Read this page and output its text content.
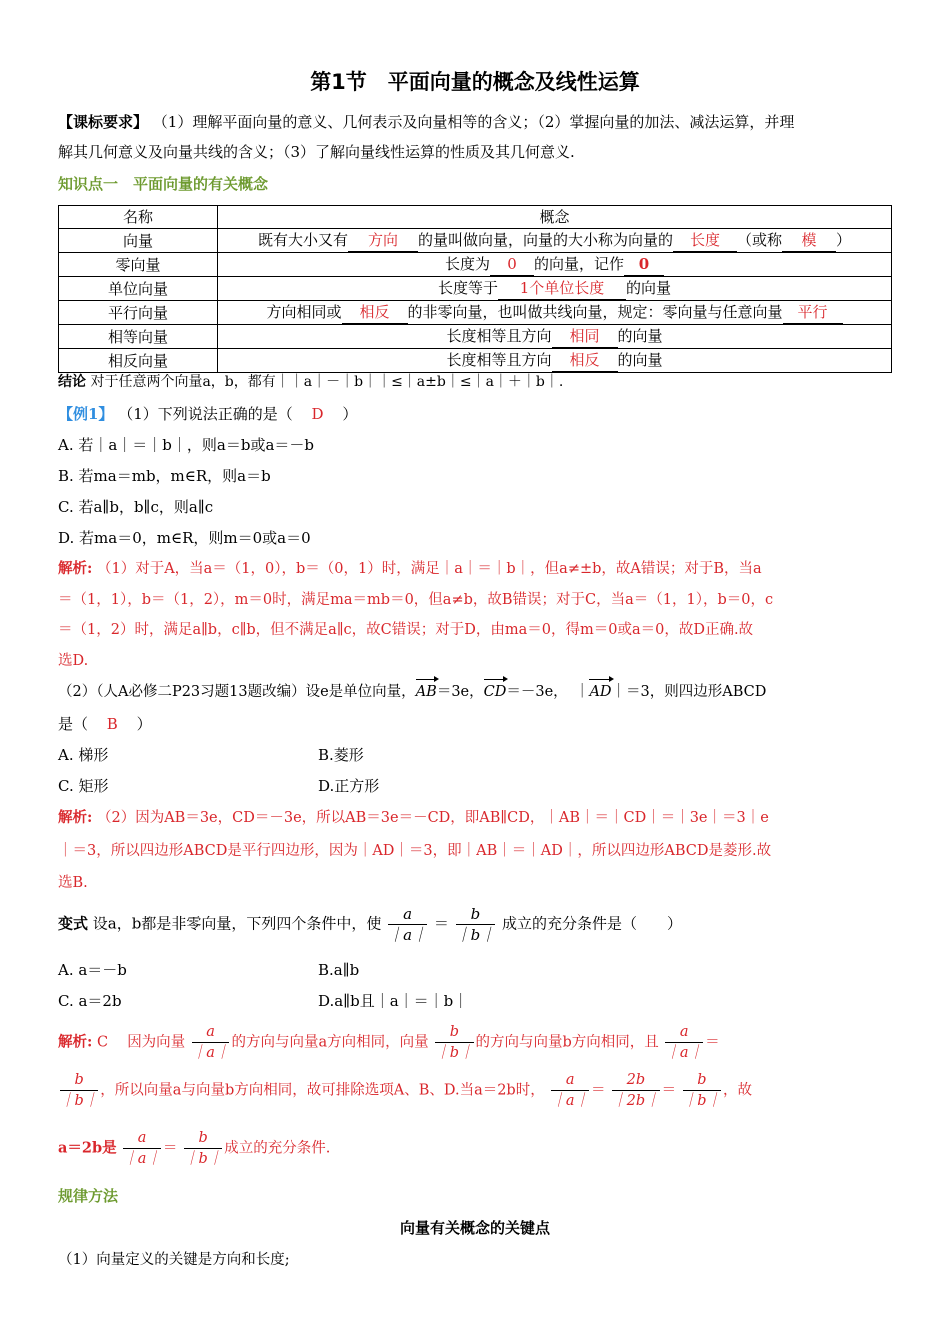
第1节　平面向量的概念及线性运算
【课标要求】 （1）理解平面向量的意义、几何表示及向量相等的含义；（2）掌握向量的加法、减法运算，并理
解其几何意义及向量共线的含义；（3）了解向量线性运算的性质及其几何意义.
知识点一　平面向量的有关概念
名称	概念
向量	既有大小又有 方向 的量叫做向量，向量的大小称为向量的 长度 （或称 模 ）
零向量	长度为 0 的向量，记作 0
单位向量	长度等于 1个单位长度 的向量
平行向量	方向相同或 相反 的非零向量，也叫做共线向量，规定：零向量与任意向量 平行
相等向量	长度相等且方向 相同 的向量
相反向量	长度相等且方向 相反 的向量
结论 对于任意两个向量a，b，都有｜｜a｜－｜b｜｜≤｜a±b｜≤｜a｜＋｜b｜.
【例1】 （1）下列说法正确的是（ D ）
A. 若｜a｜＝｜b｜，则a＝b或a＝－b
B. 若ma＝mb，m∈R，则a＝b
C. 若a∥b，b∥c，则a∥c
D. 若ma＝0，m∈R，则m＝0或a＝0
解析: （1）对于A，当a＝（1，0），b＝（0，1）时，满足｜a｜＝｜b｜，但a≠±b，故A错误；对于B，当a
＝（1，1），b＝（1，2），m＝0时，满足ma＝mb＝0，但a≠b，故B错误；对于C，当a＝（1，1），b＝0，c
＝（1，2）时，满足a∥b，c∥b，但不满足a∥c，故C错误；对于D，由ma＝0，得m＝0或a＝0，故D正确.故
选D.
（2）（人A必修二P23习题13题改编）设e是单位向量，AB＝3e，CD＝－3e，　｜AD｜＝3，则四边形ABCD
是（ B ）
A. 梯形	B.菱形
C. 矩形	D.正方形
解析: （2）因为AB＝3e，CD＝－3e，所以AB＝3e＝－CD，即AB∥CD，｜AB｜＝｜CD｜＝｜3e｜＝3｜e
｜＝3，所以四边形ABCD是平行四边形，因为｜AD｜＝3，即｜AB｜＝｜AD｜，所以四边形ABCD是菱形.故
选B.
变式 设a，b都是非零向量，下列四个条件中，使 $\frac{a}{|a|} = \frac{b}{|b|}$ 成立的充分条件是（　　）
A. a＝－b	B.a∥b
C. a＝2b	D.a∥b且｜a｜＝｜b｜
解析: C　 因为向量 $\frac{a}{|a|}$ 的方向与向量a方向相同，向量 $\frac{b}{|b|}$ 的方向与向量b方向相同，且 $\frac{a}{|a|}$ ＝
$\frac{b}{|b|}$ ，所以向量a与向量b方向相同，故可排除选项A、B、D.当a＝2b时， $\frac{a}{|a|} = \frac{2b}{|2b|} = \frac{b}{|b|}$ ，故
a＝2b是 $\frac{a}{|a|} = \frac{b}{|b|}$ 成立的充分条件.
规律方法
向量有关概念的关键点
（1）向量定义的关键是方向和长度;
